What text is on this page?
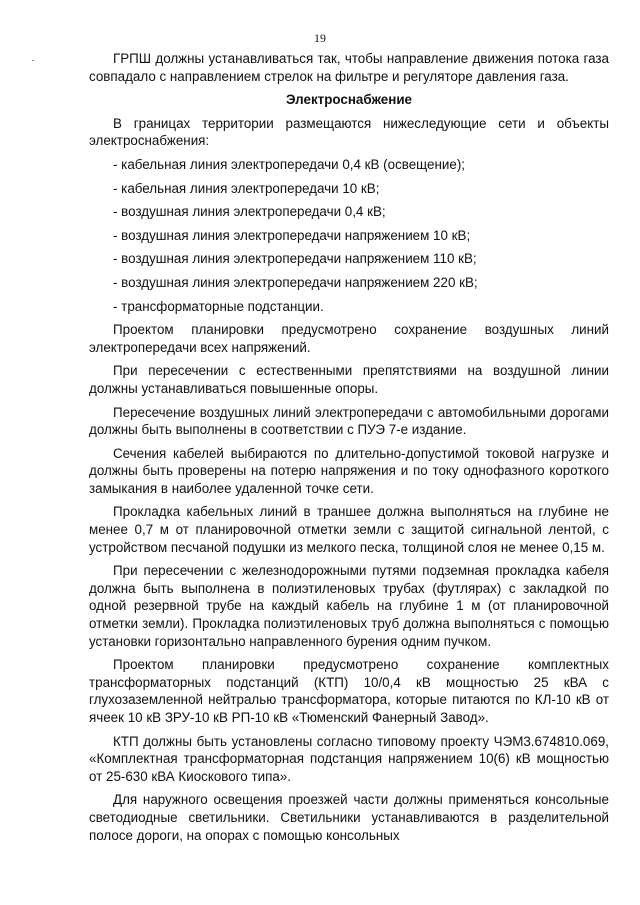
19

ГРПШ должны устанавливаться так, чтобы направление движения потока газа совпадало с направлением стрелок на фильтре и регуляторе давления газа.

Электроснабжение

В границах территории размещаются нижеследующие сети и объекты электроснабжения:

- кабельная линия электропередачи 0,4 кВ (освещение);

- кабельная линия электропередачи 10 кВ;

- воздушная линия электропередачи 0,4 кВ;

- воздушная линия электропередачи напряжением 10 кВ;

- воздушная линия электропередачи напряжением 110 кВ;

- воздушная линия электропередачи напряжением 220 кВ;

- трансформаторные подстанции.

Проектом планировки предусмотрено сохранение воздушных линий электропередачи всех напряжений.

При пересечении с естественными препятствиями на воздушной линии должны устанавливаться повышенные опоры.

Пересечение воздушных линий электропередачи с автомобильными дорогами должны быть выполнены в соответствии с ПУЭ 7-е издание.

Сечения кабелей выбираются по длительно-допустимой токовой нагрузке и должны быть проверены на потерю напряжения и по току однофазного короткого замыкания в наиболее удаленной точке сети.

Прокладка кабельных линий в траншее должна выполняться на глубине не менее 0,7 м от планировочной отметки земли с защитой сигнальной лентой, с устройством песчаной подушки из мелкого песка, толщиной слоя не менее 0,15 м.

При пересечении с железнодорожными путями подземная прокладка кабеля должна быть выполнена в полиэтиленовых трубах (футлярах) с закладкой по одной резервной трубе на каждый кабель на глубине 1 м (от планировочной отметки земли). Прокладка полиэтиленовых труб должна выполняться с помощью установки горизонтально направленного бурения одним пучком.

Проектом планировки предусмотрено сохранение комплектных трансформаторных подстанций (КТП) 10/0,4 кВ мощностью 25 кВА с глухозаземленной нейтралью трансформатора, которые питаются по КЛ-10 кВ от ячеек 10 кВ ЗРУ-10 кВ РП-10 кВ «Тюменский Фанерный Завод».

КТП должны быть установлены согласно типовому проекту ЧЭМ3.674810.069, «Комплектная трансформаторная подстанция напряжением 10(6) кВ мощностью от 25-630 кВА Киоскового типа».

Для наружного освещения проезжей части должны применяться консольные светодиодные светильники. Светильники устанавливаются в разделительной полосе дороги, на опорах с помощью консольных
